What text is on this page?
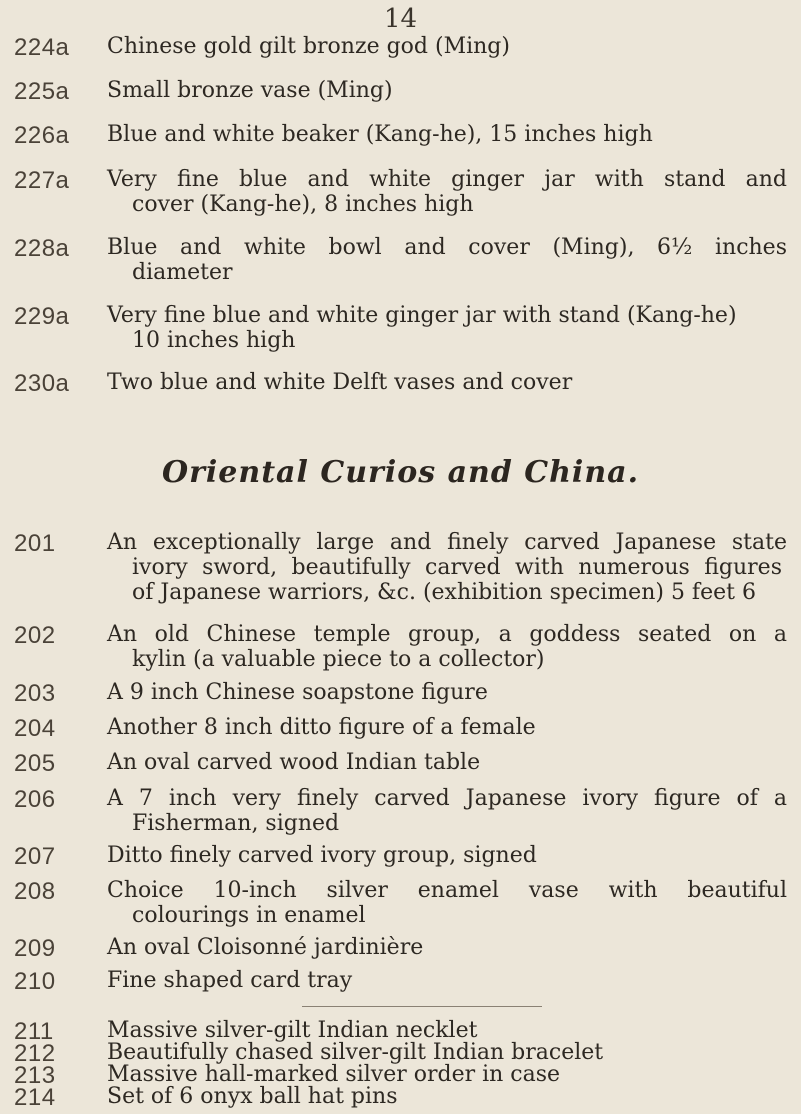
14
224a	Chinese gold gilt bronze god (Ming)
225a	Small bronze vase (Ming)
226a	Blue and white beaker (Kang-he), 15 inches high
227a	Very fine blue and white ginger jar with stand and
cover (Kang-he), 8 inches high
228a	Blue and white bowl and cover (Ming), 6½ inches
diameter
229a	Very fine blue and white ginger jar with stand (Kang-he)
10 inches high
230a	Two blue and white Delft vases and cover
Oriental Curios and China.
201	An exceptionally large and finely carved Japanese state
ivory sword, beautifully carved with numerous figures
of Japanese warriors, &c. (exhibition specimen) 5 feet 6
202	An old Chinese temple group, a goddess seated on a
kylin (a valuable piece to a collector)
203	A 9 inch Chinese soapstone figure
204	Another 8 inch ditto figure of a female
205	An oval carved wood Indian table
206	A 7 inch very finely carved Japanese ivory figure of a
Fisherman, signed
207	Ditto finely carved ivory group, signed
208	Choice 10-inch silver enamel vase with beautiful
colourings in enamel
209	An oval Cloisonné jardinière
210	Fine shaped card tray
211	Massive silver-gilt Indian necklet
212	Beautifully chased silver-gilt Indian bracelet
213	Massive hall-marked silver order in case
214	Set of 6 onyx ball hat pins
